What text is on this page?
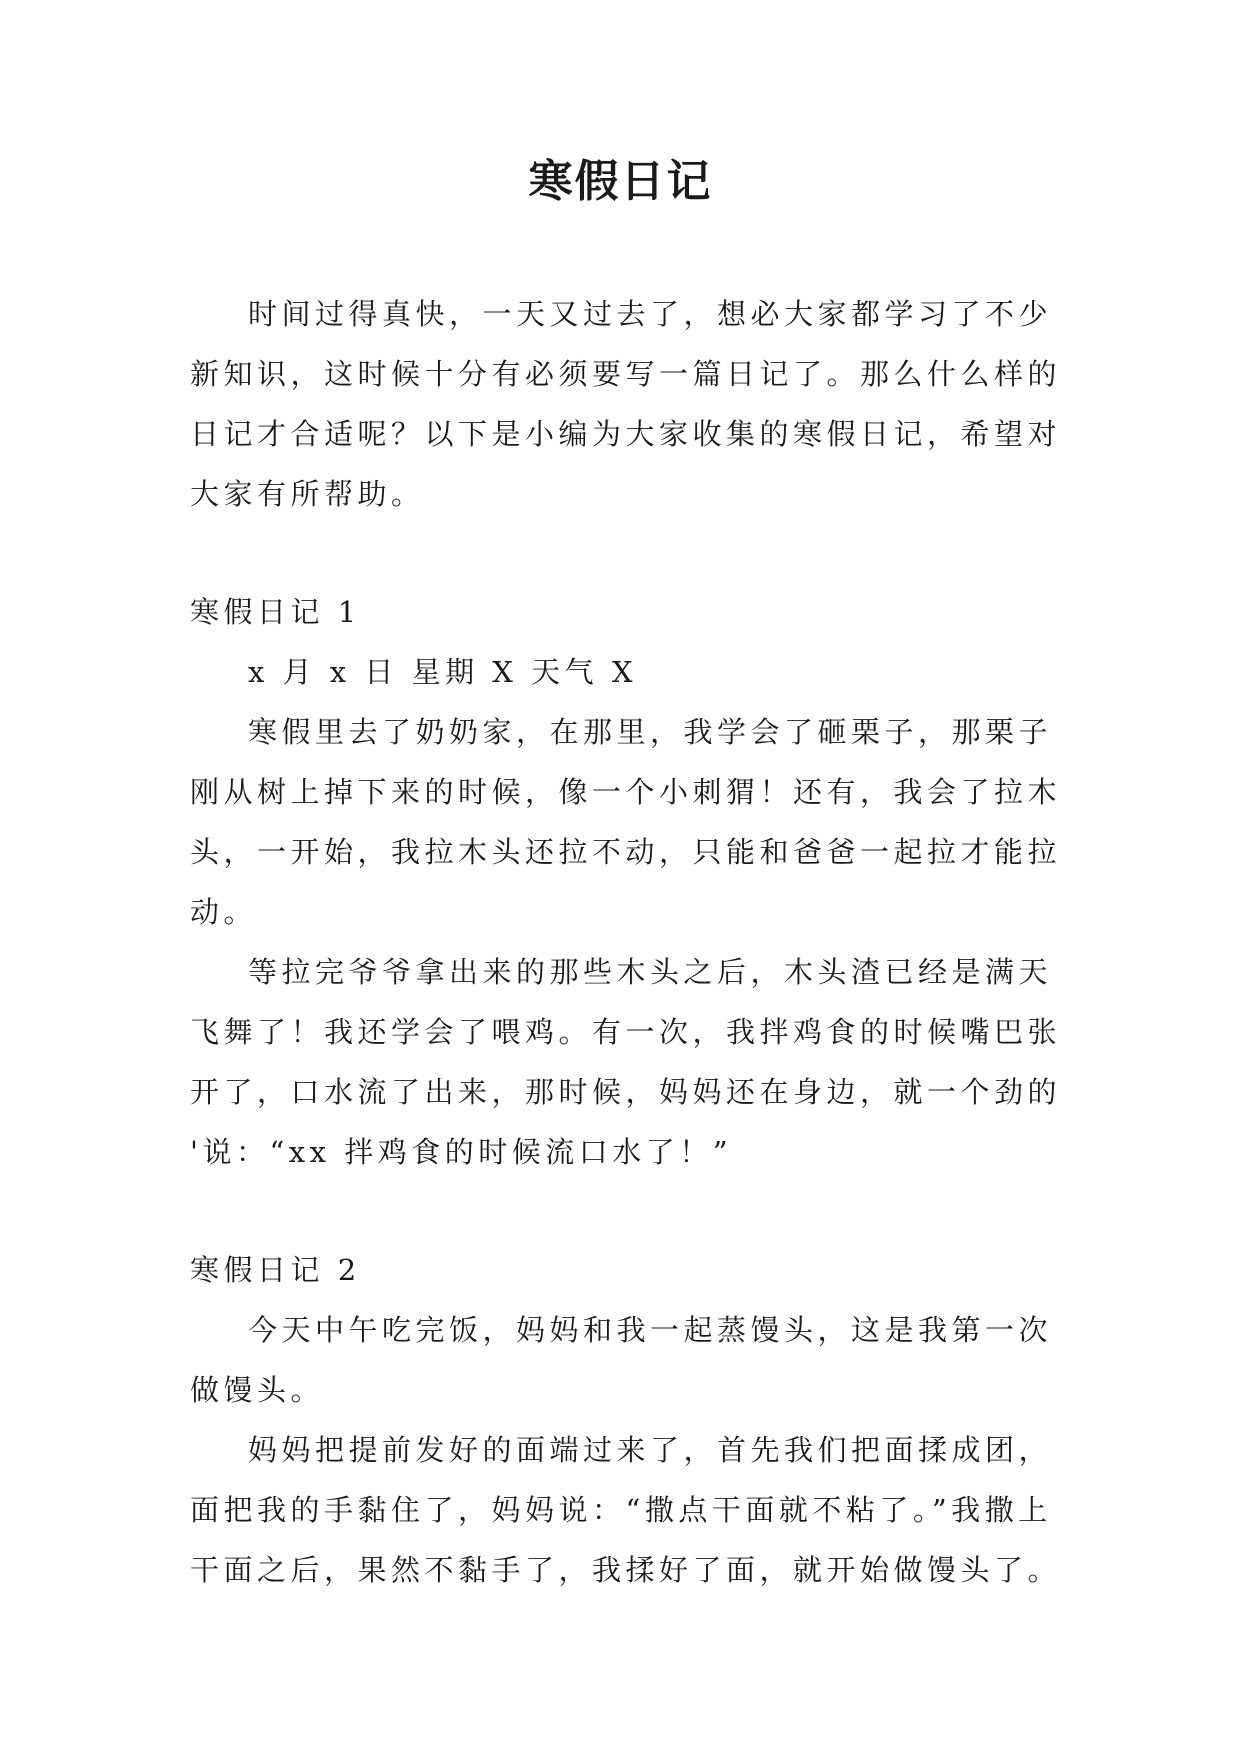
寒假日记
时间过得真快，一天又过去了，想必大家都学习了不少
新知识，这时候十分有必须要写一篇日记了。那么什么样的
日记才合适呢？以下是小编为大家收集的寒假日记，希望对
大家有所帮助。
寒假日记 1
x 月 x 日 星期 X 天气 X
寒假里去了奶奶家，在那里，我学会了砸栗子，那栗子
刚从树上掉下来的时候，像一个小刺猬！还有，我会了拉木
头，一开始，我拉木头还拉不动，只能和爸爸一起拉才能拉
动。
等拉完爷爷拿出来的那些木头之后，木头渣已经是满天
飞舞了！我还学会了喂鸡。有一次，我拌鸡食的时候嘴巴张
开了，口水流了出来，那时候，妈妈还在身边，就一个劲的
'说：“xx 拌鸡食的时候流口水了！”
寒假日记 2
今天中午吃完饭，妈妈和我一起蒸馒头，这是我第一次
做馒头。
妈妈把提前发好的面端过来了，首先我们把面揉成团，
面把我的手黏住了，妈妈说：“撒点干面就不粘了。”我撒上
干面之后，果然不黏手了，我揉好了面，就开始做馒头了。
